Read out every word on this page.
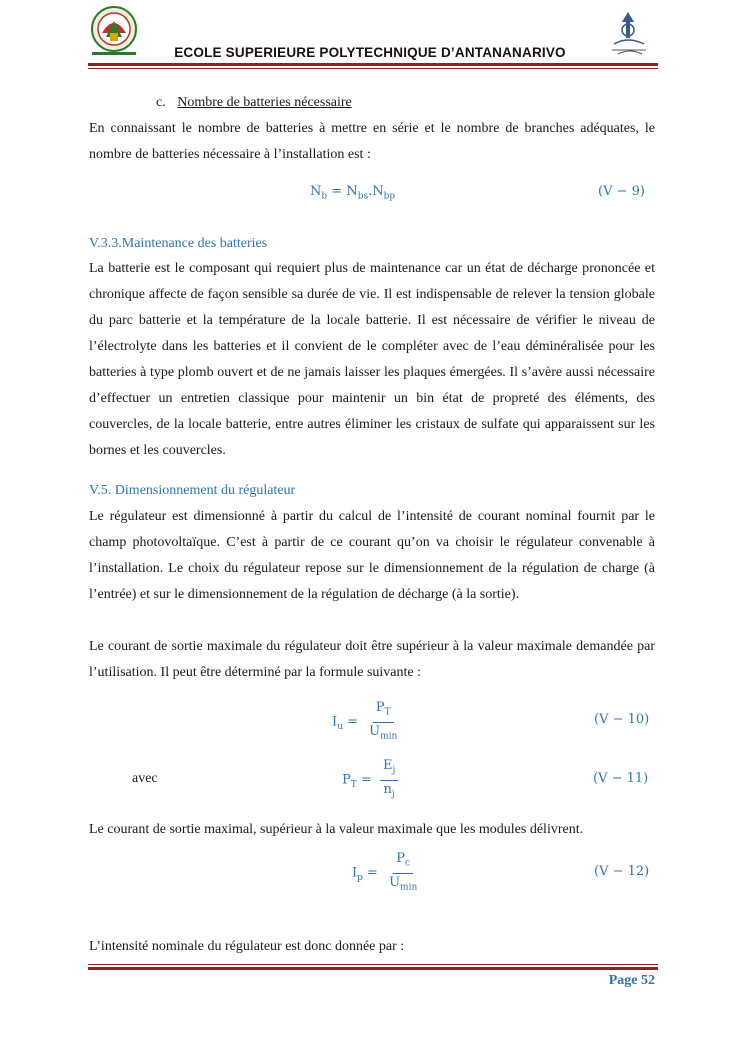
ECOLE SUPERIEURE POLYTECHNIQUE D’ANTANANARIVO
c. Nombre de batteries nécessaire
En connaissant le nombre de batteries à mettre en série et le nombre de branches adéquates, le nombre de batteries nécessaire à l’installation est :
$N_b = N_{bs}.N_{bp}$	(V − 9)
V.3.3.Maintenance des batteries
La batterie est le composant qui requiert plus de maintenance car un état de décharge prononcée et chronique affecte de façon sensible sa durée de vie. Il est indispensable de relever la tension globale du parc batterie et la température de la locale batterie. Il est nécessaire de vérifier le niveau de l’électrolyte dans les batteries et il convient de le compléter avec de l’eau déminéralisée pour les batteries à type plomb ouvert et de ne jamais laisser les plaques émergées. Il s’avère aussi nécessaire d’effectuer un entretien classique pour maintenir un bin état de propreté des éléments, des couvercles, de la locale batterie, entre autres éliminer les cristaux de sulfate qui apparaissent sur les bornes et les couvercles.
V.5. Dimensionnement du régulateur
Le régulateur est dimensionné à partir du calcul de l’intensité de courant nominal fournit par le champ photovoltaïque. C’est à partir de ce courant qu’on va choisir le régulateur convenable à l’installation. Le choix du régulateur repose sur le dimensionnement de la régulation de charge (à l’entrée) et sur le dimensionnement de la régulation de décharge (à la sortie).
Le courant de sortie maximale du régulateur doit être supérieur à la valeur maximale demandée par l’utilisation. Il peut être déterminé par la formule suivante :
$I_u = \frac{P_T}{U_{min}}$	(V − 10)
avec	$P_T = \frac{E_j}{n_j}$	(V − 11)
Le courant de sortie maximal, supérieur à la valeur maximale que les modules délivrent.
$I_p = \frac{P_c}{U_{min}}$	(V − 12)
L’intensité nominale du régulateur est donc donnée par :
Page 52
